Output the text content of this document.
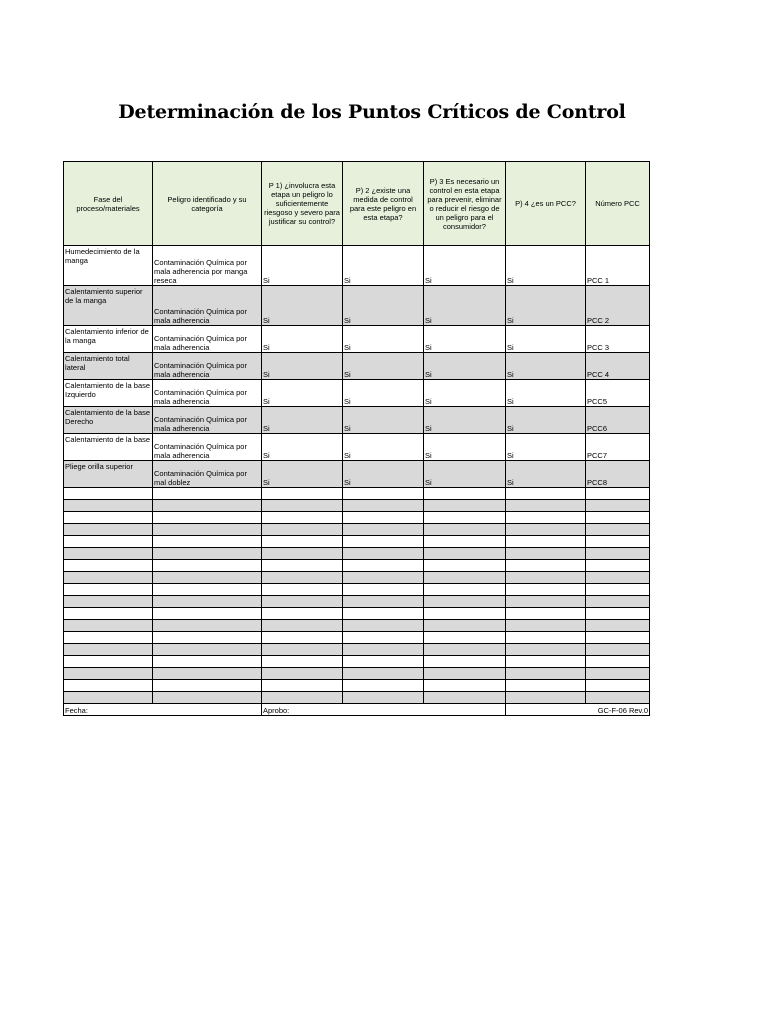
Determinación de los Puntos Críticos de Control
Fase del proceso/materiales	Peligro identificado y su categoría	P 1) ¿involucra esta etapa un peligro lo suficientemente riesgoso y severo para justificar su control?	P) 2 ¿existe una medida de control para este peligro en esta etapa?	P) 3 Es necesario un control en esta etapa para prevenir, eliminar o reducir el riesgo de un peligro para el consumidor?	P) 4 ¿es un PCC?	Número PCC
Humedecimiento de la manga	Contaminación Química por mala adherencia por manga reseca	Si	Si	Si	Si	PCC 1
Calentamiento superior de la manga	Contaminación Química por mala adherencia	Si	Si	Si	Si	PCC 2
Calentamiento inferior de la manga	Contaminación Química por mala adherencia	Si	Si	Si	Si	PCC 3
Calentamiento total lateral	Contaminación Química por mala adherencia	Si	Si	Si	Si	PCC 4
Calentamiento de la base Izquierdo	Contaminación Química por mala adherencia	Si	Si	Si	Si	PCC5
Calentamiento de la base Derecho	Contaminación Química por mala adherencia	Si	Si	Si	Si	PCC6
Calentamiento de la base	Contaminación Química por mala adherencia	Si	Si	Si	Si	PCC7
Pliege orilla superior	Contaminación Química por mal doblez	Si	Si	Si	Si	PCC8

Fecha:		Aprobo:			GC-F-06 Rev.0	
